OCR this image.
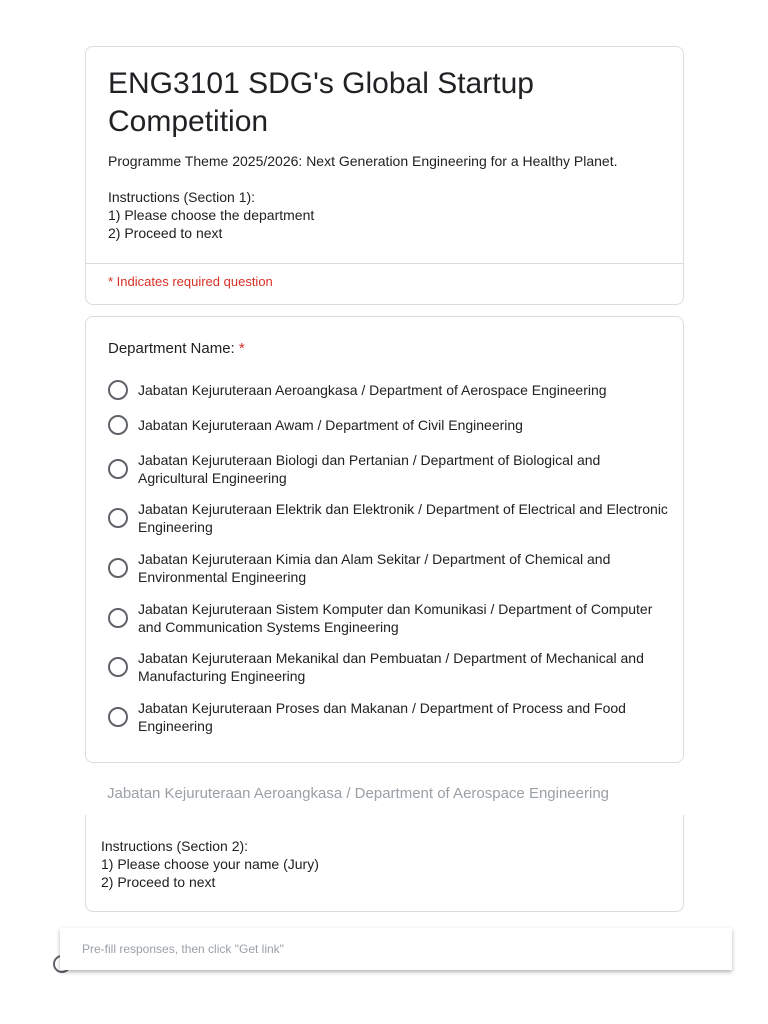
ENG3101 SDG's Global Startup Competition
Programme Theme 2025/2026: Next Generation Engineering for a Healthy Planet.

Instructions (Section 1):
1) Please choose the department
2) Proceed to next
* Indicates required question
Department Name: *
Jabatan Kejuruteraan Aeroangkasa / Department of Aerospace Engineering
Jabatan Kejuruteraan Awam / Department of Civil Engineering
Jabatan Kejuruteraan Biologi dan Pertanian / Department of Biological and Agricultural Engineering
Jabatan Kejuruteraan Elektrik dan Elektronik / Department of Electrical and Electronic Engineering
Jabatan Kejuruteraan Kimia dan Alam Sekitar / Department of Chemical and Environmental Engineering
Jabatan Kejuruteraan Sistem Komputer dan Komunikasi / Department of Computer and Communication Systems Engineering
Jabatan Kejuruteraan Mekanikal dan Pembuatan / Department of Mechanical and Manufacturing Engineering
Jabatan Kejuruteraan Proses dan Makanan / Department of Process and Food Engineering
Jabatan Kejuruteraan Aeroangkasa / Department of Aerospace Engineering
Instructions (Section 2):
1) Please choose your name (Jury)
2) Proceed to next
Pre-fill responses, then click "Get link"
